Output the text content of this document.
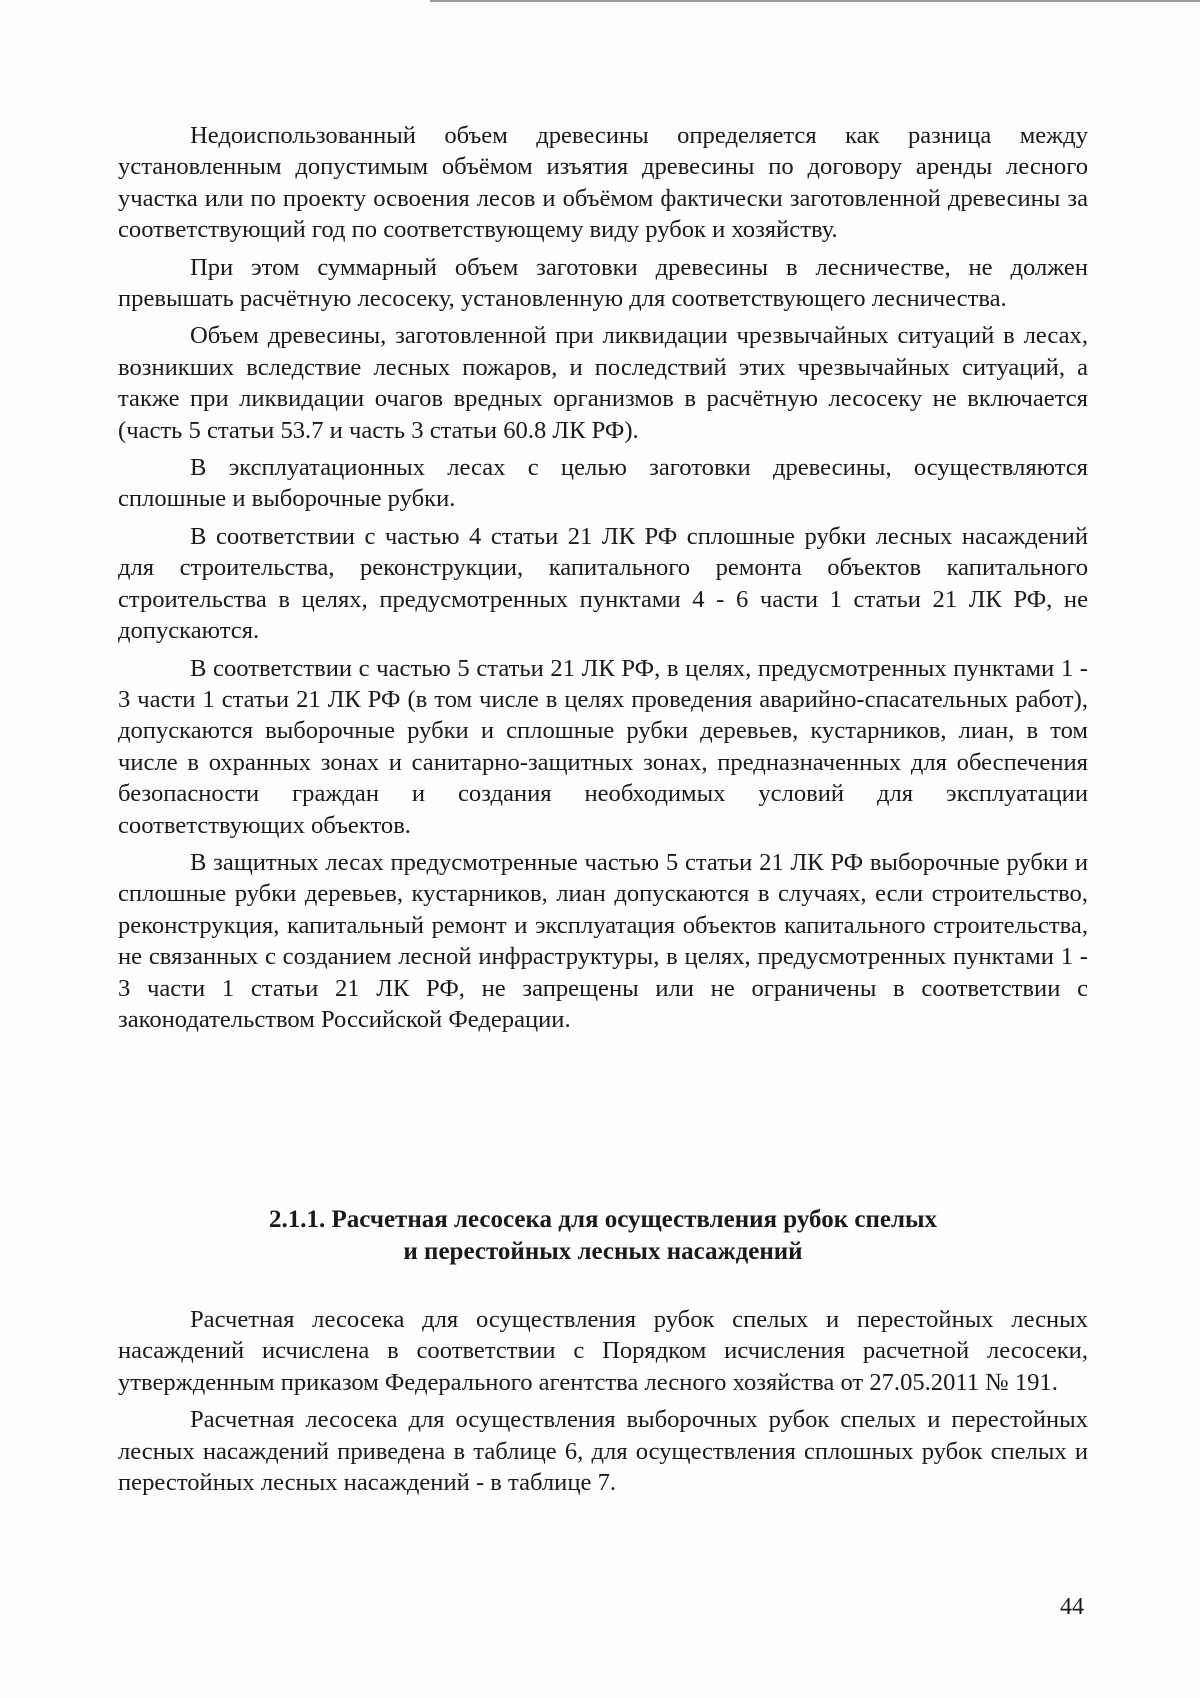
Недоиспользованный объем древесины определяется как разница между установленным допустимым объёмом изъятия древесины по договору аренды лесного участка или по проекту освоения лесов и объёмом фактически заготовленной древесины за соответствующий год по соответствующему виду рубок и хозяйству.

При этом суммарный объем заготовки древесины в лесничестве, не должен превышать расчётную лесосеку, установленную для соответствующего лесничества.

Объем древесины, заготовленной при ликвидации чрезвычайных ситуаций в лесах, возникших вследствие лесных пожаров, и последствий этих чрезвычайных ситуаций, а также при ликвидации очагов вредных организмов в расчётную лесосеку не включается (часть 5 статьи 53.7 и часть 3 статьи 60.8 ЛК РФ).

В эксплуатационных лесах с целью заготовки древесины, осуществляются сплошные и выборочные рубки.

В соответствии с частью 4 статьи 21 ЛК РФ сплошные рубки лесных насаждений для строительства, реконструкции, капитального ремонта объектов капитального строительства в целях, предусмотренных пунктами 4 - 6 части 1 статьи 21 ЛК РФ, не допускаются.

В соответствии с частью 5 статьи 21 ЛК РФ, в целях, предусмотренных пунктами 1 - 3 части 1 статьи 21 ЛК РФ (в том числе в целях проведения аварийно-спасательных работ), допускаются выборочные рубки и сплошные рубки деревьев, кустарников, лиан, в том числе в охранных зонах и санитарно-защитных зонах, предназначенных для обеспечения безопасности граждан и создания необходимых условий для эксплуатации соответствующих объектов.

В защитных лесах предусмотренные частью 5 статьи 21 ЛК РФ выборочные рубки и сплошные рубки деревьев, кустарников, лиан допускаются в случаях, если строительство, реконструкция, капитальный ремонт и эксплуатация объектов капитального строительства, не связанных с созданием лесной инфраструктуры, в целях, предусмотренных пунктами 1 - 3 части 1 статьи 21 ЛК РФ, не запрещены или не ограничены в соответствии с законодательством Российской Федерации.

2.1.1. Расчетная лесосека для осуществления рубок спелых
и перестойных лесных насаждений

Расчетная лесосека для осуществления рубок спелых и перестойных лесных насаждений исчислена в соответствии с Порядком исчисления расчетной лесосеки, утвержденным приказом Федерального агентства лесного хозяйства от 27.05.2011 № 191.

Расчетная лесосека для осуществления выборочных рубок спелых и перестойных лесных насаждений приведена в таблице 6, для осуществления сплошных рубок спелых и перестойных лесных насаждений - в таблице 7.

44
